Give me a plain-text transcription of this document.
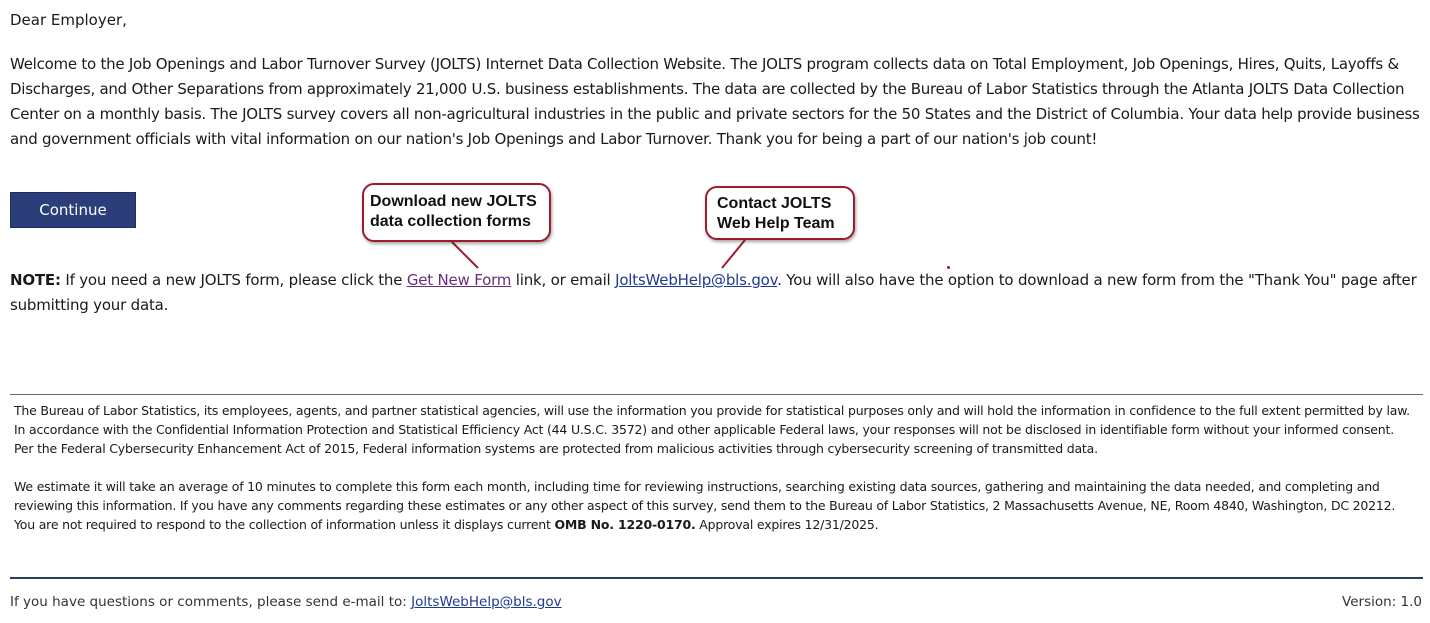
Dear Employer,
Welcome to the Job Openings and Labor Turnover Survey (JOLTS) Internet Data Collection Website. The JOLTS program collects data on Total Employment, Job Openings, Hires, Quits, Layoffs & Discharges, and Other Separations from approximately 21,000 U.S. business establishments. The data are collected by the Bureau of Labor Statistics through the Atlanta JOLTS Data Collection Center on a monthly basis. The JOLTS survey covers all non-agricultural industries in the public and private sectors for the 50 States and the District of Columbia. Your data help provide business and government officials with vital information on our nation's Job Openings and Labor Turnover. Thank you for being a part of our nation's job count!
Continue	Download new JOLTS
data collection forms
Contact JOLTS
Web Help Team
NOTE: If you need a new JOLTS form, please click the Get New Form link, or email JoltsWebHelp@bls.gov. You will also have the option to download a new form from the "Thank You" page after submitting your data.
The Bureau of Labor Statistics, its employees, agents, and partner statistical agencies, will use the information you provide for statistical purposes only and will hold the information in confidence to the full extent permitted by law. In accordance with the Confidential Information Protection and Statistical Efficiency Act (44 U.S.C. 3572) and other applicable Federal laws, your responses will not be disclosed in identifiable form without your informed consent. Per the Federal Cybersecurity Enhancement Act of 2015, Federal information systems are protected from malicious activities through cybersecurity screening of transmitted data.
We estimate it will take an average of 10 minutes to complete this form each month, including time for reviewing instructions, searching existing data sources, gathering and maintaining the data needed, and completing and reviewing this information. If you have any comments regarding these estimates or any other aspect of this survey, send them to the Bureau of Labor Statistics, 2 Massachusetts Avenue, NE, Room 4840, Washington, DC 20212. You are not required to respond to the collection of information unless it displays current OMB No. 1220-0170. Approval expires 12/31/2025.
If you have questions or comments, please send e-mail to: JoltsWebHelp@bls.gov	Version: 1.0
